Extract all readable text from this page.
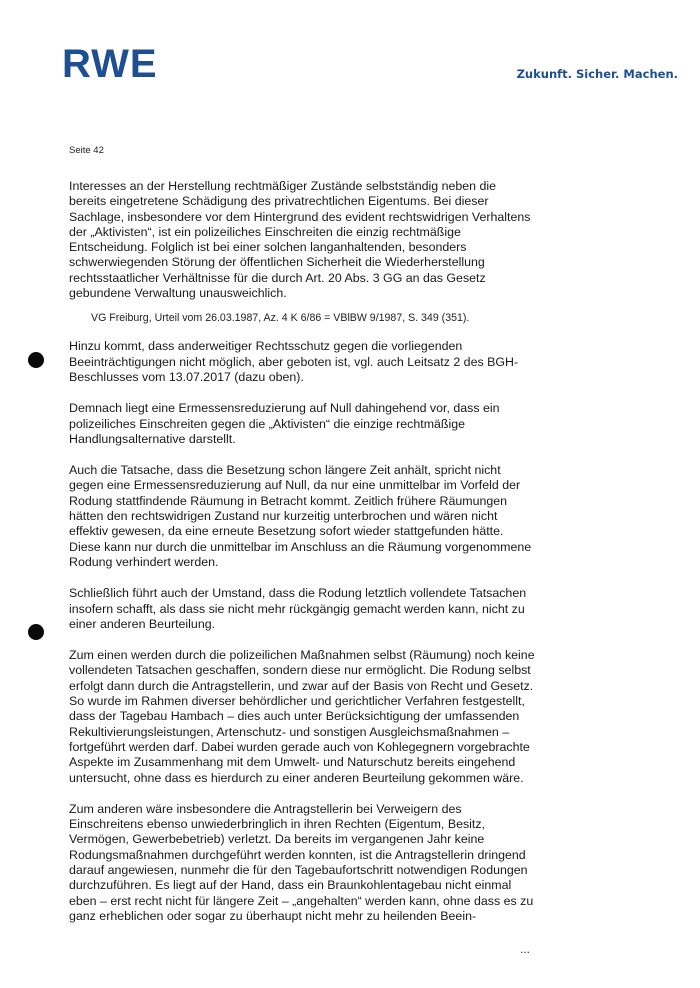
RWE	Zukunft. Sicher. Machen.
Seite 42

Interesses an der Herstellung rechtmäßiger Zustände selbstständig neben die bereits eingetretene Schädigung des privatrechtlichen Eigentums. Bei dieser Sachlage, insbesondere vor dem Hintergrund des evident rechtswidrigen Verhaltens der „Aktivisten“, ist ein polizeiliches Einschreiten die einzig rechtmäßige Entscheidung. Folglich ist bei einer solchen langanhaltenden, besonders schwerwiegenden Störung der öffentlichen Sicherheit die Wiederherstellung rechtsstaatlicher Verhältnisse für die durch Art. 20 Abs. 3 GG an das Gesetz gebundene Verwaltung unausweichlich.

VG Freiburg, Urteil vom 26.03.1987, Az. 4 K 6/86 = VBlBW 9/1987, S. 349 (351).

Hinzu kommt, dass anderweitiger Rechtsschutz gegen die vorliegenden Beeinträchtigungen nicht möglich, aber geboten ist, vgl. auch Leitsatz 2 des BGH-Beschlusses vom 13.07.2017 (dazu oben).

Demnach liegt eine Ermessensreduzierung auf Null dahingehend vor, dass ein polizeiliches Einschreiten gegen die „Aktivisten“ die einzige rechtmäßige Handlungsalternative darstellt.

Auch die Tatsache, dass die Besetzung schon längere Zeit anhält, spricht nicht gegen eine Ermessensreduzierung auf Null, da nur eine unmittelbar im Vorfeld der Rodung stattfindende Räumung in Betracht kommt. Zeitlich frühere Räumungen hätten den rechtswidrigen Zustand nur kurzeitig unterbrochen und wären nicht effektiv gewesen, da eine erneute Besetzung sofort wieder stattgefunden hätte. Diese kann nur durch die unmittelbar im Anschluss an die Räumung vorgenommene Rodung verhindert werden.

Schließlich führt auch der Umstand, dass die Rodung letztlich vollendete Tatsachen insofern schafft, als dass sie nicht mehr rückgängig gemacht werden kann, nicht zu einer anderen Beurteilung.

Zum einen werden durch die polizeilichen Maßnahmen selbst (Räumung) noch keine vollendeten Tatsachen geschaffen, sondern diese nur ermöglicht. Die Rodung selbst erfolgt dann durch die Antragstellerin, und zwar auf der Basis von Recht und Gesetz. So wurde im Rahmen diverser behördlicher und gerichtlicher Verfahren festgestellt, dass der Tagebau Hambach – dies auch unter Berücksichtigung der umfassenden Rekultivierungsleistungen, Artenschutz- und sonstigen Ausgleichsmaßnahmen – fortgeführt werden darf. Dabei wurden gerade auch von Kohlegegnern vorgebrachte Aspekte im Zusammenhang mit dem Umwelt- und Naturschutz bereits eingehend untersucht, ohne dass es hierdurch zu einer anderen Beurteilung gekommen wäre.

Zum anderen wäre insbesondere die Antragstellerin bei Verweigern des Einschreitens ebenso unwiederbringlich in ihren Rechten (Eigentum, Besitz, Vermögen, Gewerbebetrieb) verletzt. Da bereits im vergangenen Jahr keine Rodungsmaßnahmen durchgeführt werden konnten, ist die Antragstellerin dringend darauf angewiesen, nunmehr die für den Tagebaufortschritt notwendigen Rodungen durchzuführen. Es liegt auf der Hand, dass ein Braunkohlentagebau nicht einmal eben – erst recht nicht für längere Zeit – „angehalten“ werden kann, ohne dass es zu ganz erheblichen oder sogar zu überhaupt nicht mehr zu heilenden Beein-

...
